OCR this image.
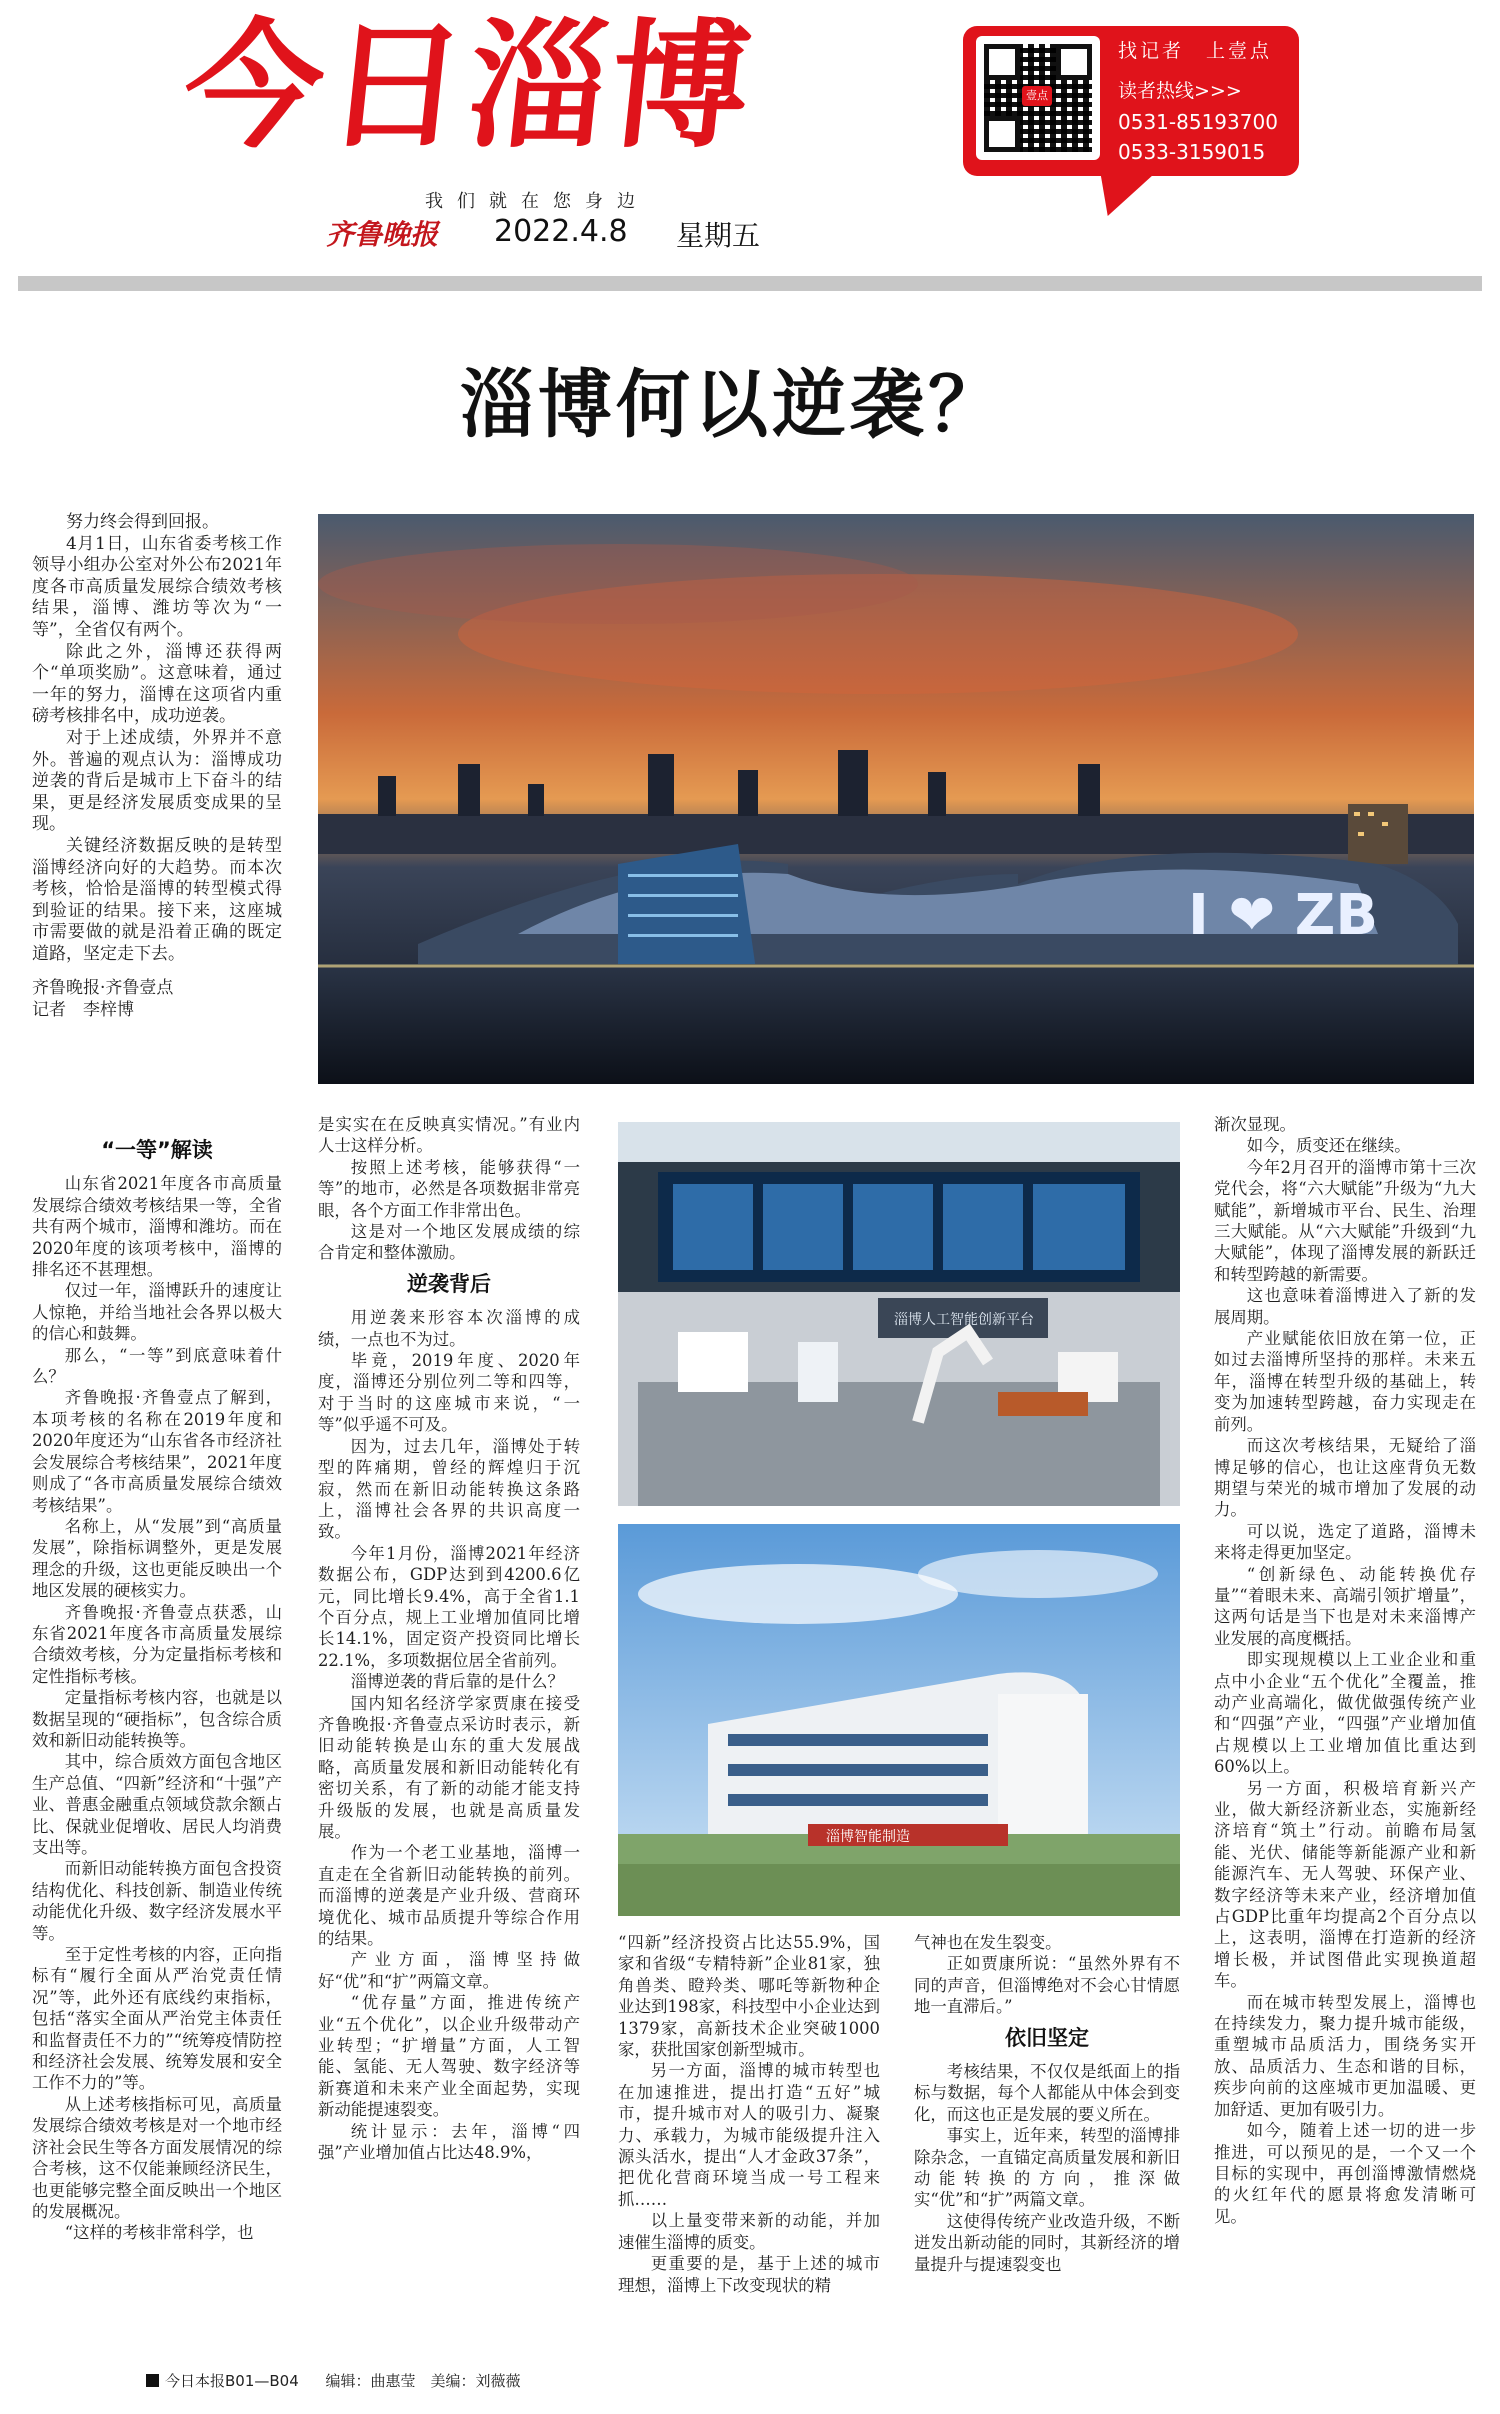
今日淄博
我们就在您身边
齐鲁晚报 2022.4.8 星期五
壹点
找记者　上壹点
读者热线>>>
0531-85193700
0533-3159015
淄博何以逆袭？

努力终会得到回报。

4月1日，山东省委考核工作领导小组办公室对外公布2021年度各市高质量发展综合绩效考核结果，淄博、潍坊等次为“一等”，全省仅有两个。

除此之外，淄博还获得两个“单项奖励”。这意味着，通过一年的努力，淄博在这项省内重磅考核排名中，成功逆袭。

对于上述成绩，外界并不意外。普遍的观点认为：淄博成功逆袭的背后是城市上下奋斗的结果，更是经济发展质变成果的呈现。

关键经济数据反映的是转型淄博经济向好的大趋势。而本次考核，恰恰是淄博的转型模式得到验证的结果。接下来，这座城市需要做的就是沿着正确的既定道路，坚定走下去。

齐鲁晚报·齐鲁壹点
记者　李梓博
I ❤ ZB
“一等”解读

山东省2021年度各市高质量发展综合绩效考核结果一等，全省共有两个城市，淄博和潍坊。而在2020年度的该项考核中，淄博的排名还不甚理想。

仅过一年，淄博跃升的速度让人惊艳，并给当地社会各界以极大的信心和鼓舞。

那么，“一等”到底意味着什么？

齐鲁晚报·齐鲁壹点了解到，本项考核的名称在2019年度和2020年度还为“山东省各市经济社会发展综合考核结果”，2021年度则成了“各市高质量发展综合绩效考核结果”。

名称上，从“发展”到“高质量发展”，除指标调整外，更是发展理念的升级，这也更能反映出一个地区发展的硬核实力。

齐鲁晚报·齐鲁壹点获悉，山东省2021年度各市高质量发展综合绩效考核，分为定量指标考核和定性指标考核。

定量指标考核内容，也就是以数据呈现的“硬指标”，包含综合质效和新旧动能转换等。

其中，综合质效方面包含地区生产总值、“四新”经济和“十强”产业、普惠金融重点领域贷款余额占比、保就业促增收、居民人均消费支出等。

而新旧动能转换方面包含投资结构优化、科技创新、制造业传统动能优化升级、数字经济发展水平等。

至于定性考核的内容，正向指标有“履行全面从严治党责任情况”等，此外还有底线约束指标，包括“落实全面从严治党主体责任和监督责任不力的”“统筹疫情防控和经济社会发展、统筹发展和安全工作不力的”等。

从上述考核指标可见，高质量发展综合绩效考核是对一个地市经济社会民生等各方面发展情况的综合考核，这不仅能兼顾经济民生，也更能够完整全面反映出一个地区的发展概况。

“这样的考核非常科学，也

是实实在在反映真实情况。”有业内人士这样分析。

按照上述考核，能够获得“一等”的地市，必然是各项数据非常亮眼，各个方面工作非常出色。

这是对一个地区发展成绩的综合肯定和整体激励。

逆袭背后

用逆袭来形容本次淄博的成绩，一点也不为过。

毕竟，2019年度、2020年度，淄博还分别位列二等和四等，对于当时的这座城市来说，“一等”似乎遥不可及。

因为，过去几年，淄博处于转型的阵痛期，曾经的辉煌归于沉寂，然而在新旧动能转换这条路上，淄博社会各界的共识高度一致。

今年1月份，淄博2021年经济数据公布，GDP达到到4200.6亿元，同比增长9.4%，高于全省1.1个百分点，规上工业增加值同比增长14.1%，固定资产投资同比增长22.1%，多项数据位居全省前列。

淄博逆袭的背后靠的是什么？

国内知名经济学家贾康在接受齐鲁晚报·齐鲁壹点采访时表示，新旧动能转换是山东的重大发展战略，高质量发展和新旧动能转化有密切关系，有了新的动能才能支持升级版的发展，也就是高质量发展。

作为一个老工业基地，淄博一直走在全省新旧动能转换的前列。而淄博的逆袭是产业升级、营商环境优化、城市品质提升等综合作用的结果。

产业方面，淄博坚持做好“优”和“扩”两篇文章。

“优存量”方面，推进传统产业“五个优化”，以企业升级带动产业转型；“扩增量”方面，人工智能、氢能、无人驾驶、数字经济等新赛道和未来产业全面起势，实现新动能提速裂变。

统计显示：去年，淄博“四强”产业增加值占比达48.9%，

淄博人工智能创新平台
淄博智能制造

“四新”经济投资占比达55.9%，国家和省级“专精特新”企业81家，独角兽类、瞪羚类、哪吒等新物种企业达到198家，科技型中小企业达到1379家，高新技术企业突破1000家，获批国家创新型城市。

另一方面，淄博的城市转型也在加速推进，提出打造“五好”城市，提升城市对人的吸引力、凝聚力、承载力，为城市能级提升注入源头活水，提出“人才金政37条”，把优化营商环境当成一号工程来抓……

以上量变带来新的动能，并加速催生淄博的质变。

更重要的是，基于上述的城市理想，淄博上下改变现状的精

气神也在发生裂变。

正如贾康所说：“虽然外界有不同的声音，但淄博绝对不会心甘情愿地一直滞后。”

依旧坚定

考核结果，不仅仅是纸面上的指标与数据，每个人都能从中体会到变化，而这也正是发展的要义所在。

事实上，近年来，转型的淄博排除杂念，一直锚定高质量发展和新旧动能转换的方向，推深做实“优”和“扩”两篇文章。

这使得传统产业改造升级，不断迸发出新动能的同时，其新经济的增量提升与提速裂变也

渐次显现。

如今，质变还在继续。

今年2月召开的淄博市第十三次党代会，将“六大赋能”升级为“九大赋能”，新增城市平台、民生、治理三大赋能。从“六大赋能”升级到“九大赋能”，体现了淄博发展的新跃迁和转型跨越的新需要。

这也意味着淄博进入了新的发展周期。

产业赋能依旧放在第一位，正如过去淄博所坚持的那样。未来五年，淄博在转型升级的基础上，转变为加速转型跨越，奋力实现走在前列。

而这次考核结果，无疑给了淄博足够的信心，也让这座背负无数期望与荣光的城市增加了发展的动力。

可以说，选定了道路，淄博未来将走得更加坚定。

“创新绿色、动能转换优存量”“着眼未来、高端引领扩增量”，这两句话是当下也是对未来淄博产业发展的高度概括。

即实现规模以上工业企业和重点中小企业“五个优化”全覆盖，推动产业高端化，做优做强传统产业和“四强”产业，“四强”产业增加值占规模以上工业增加值比重达到60%以上。

另一方面，积极培育新兴产业，做大新经济新业态，实施新经济培育“筑土”行动。前瞻布局氢能、光伏、储能等新能源产业和新能源汽车、无人驾驶、环保产业、数字经济等未来产业，经济增加值占GDP比重年均提高2个百分点以上，这表明，淄博在打造新的经济增长极，并试图借此实现换道超车。

而在城市转型发展上，淄博也在持续发力，聚力提升城市能级，重塑城市品质活力，围绕务实开放、品质活力、生态和谐的目标，疾步向前的这座城市更加温暖、更加舒适、更加有吸引力。

如今，随着上述一切的进一步推进，可以预见的是，一个又一个目标的实现中，再创淄博激情燃烧的火红年代的愿景将愈发清晰可见。

今日本报B01—B04 编辑：曲惠莹　美编：刘薇薇
